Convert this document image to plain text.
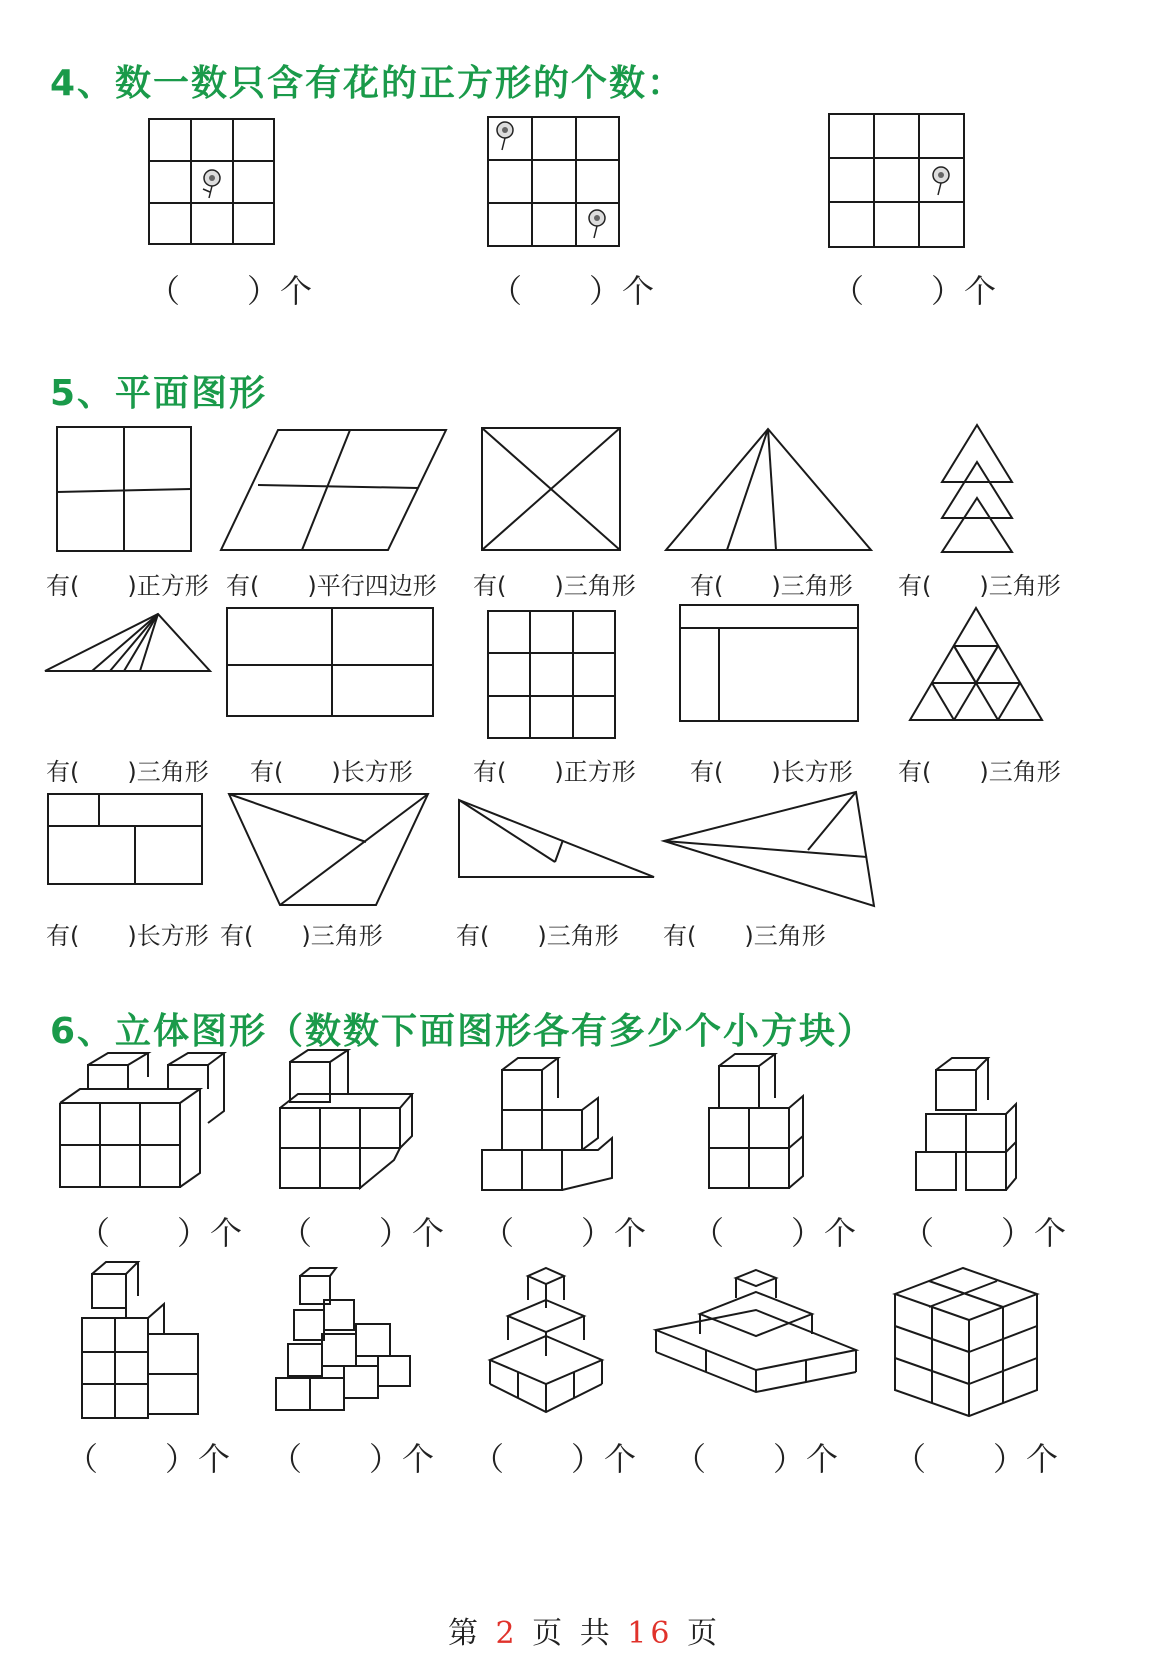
4、数一数只含有花的正方形的个数：
（　　）个	（　　）个	（　　）个
5、平面图形
有(　　)正方形 有(　　)平行四边形 有(　　)三角形 有(　　)三角形 有(　　)三角形
有(　　)三角形 有(　　)长方形	有(　　)正方形 有(　　)长方形 有(　　)三角形
有(　　)长方形 有(　　)三角形	有(　　)三角形 有(　　)三角形
6、立体图形（数数下面图形各有多少个小方块）
（　　）个 （　　）个 （　　）个 （　　）个 （　　）个
（　　）个 （　　）个 （　　）个 （　　）个 （　　）个
第 2 页 共 16 页
